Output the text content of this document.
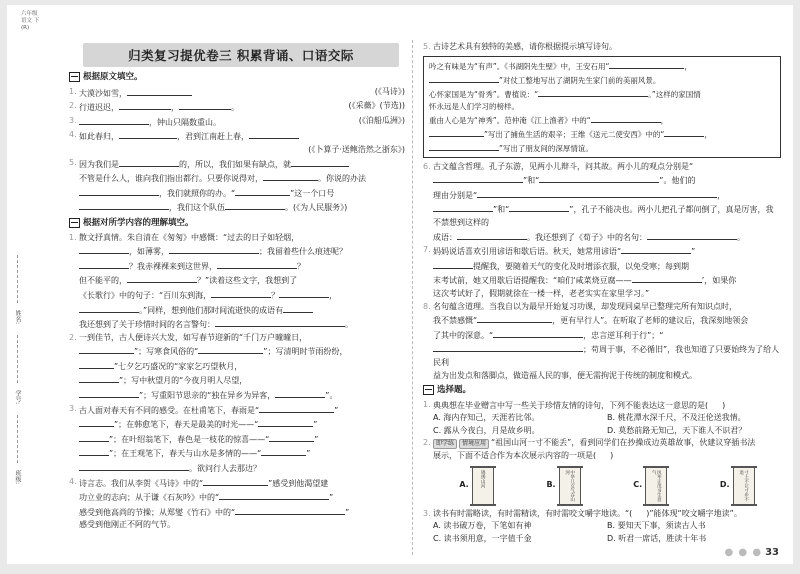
六年级
语文 下
(R)
姓名:
学号:
班级:
归类复习提优卷三 积累背诵、口语交际
根据原文填空。
1. 大漠沙如雪，	(《马诗》)
2. 行道迟迟，	，	。	(《采薇》(节选))
3.	，钟山只隔数重山。	(《泊船瓜洲》)
4. 如此春归，	，君到江南赶上春，
(《卜算子·送鲍浩然之浙东》)
5. 因为我们是	的，所以，我们如果有缺点，就
不管是什么人，谁向我们指出都行。只要你说得对，	。你说的办法
，我们就照你的办。“	”这一个口号
，我们这个队伍	。(《为人民服务》)
根据对所学内容的理解填空。
1. 散文抒真情。朱自清在《匆匆》中感慨：“过去的日子如轻烟，
，如薄雾，	；我留着些什么痕迹呢？
？我赤裸裸来到这世界，	？
但不能平的，	？”读着这些文字，我想到了
《长歌行》中的句子：“百川东到海，	？	，
。”同样，想到他们那时间流逝快的成语有
我还想到了关于珍惜时间的名言警句：	。
2. 一到佳节，古人便诗兴大发，如写春节迎新的“千门万户曈曈日，
”；写寒食风俗的“	”；写清明时节雨纷纷，
”七夕乞巧盛况的“家家乞巧望秋月，
”；写中秋望月的“今夜月明人尽望，
”；写重阳节思亲的“独在异乡为异客，	”。
3. 古人面对春天有不同的感受。在杜甫笔下，春雨是“	”
”；在韩愈笔下，春天是最美的时光——“	”
”；在叶绍翁笔下，春色是一枝花的惊喜——“	”
”；在王观笔下，春天与山水是多情的——“	”
。欲问行人去那边？
4. 诗言志。我们从李贺《马诗》中的“	”感受到他渴望建
功立业的志向；从于谦《石灰吟》中的“	”
感受到他高尚的节操；从郑燮《竹石》中的“	”
感受到他刚正不阿的气节。
5. 古诗艺术具有独特的美感，请你根据提示填写诗句。
吟之有味是为“有声”。《书湖阴先生壁》中，王安石用“	，
”对仗工整地写出了湖阴先生家门前的美丽风景。
心怀家国是为“骨秀”。曹植说：“	。”这样的家国情
怀永远是人们学习的榜样。
重由人心是为“神秀”。范仲淹《江上渔者》中的“	，
”写出了捕鱼生活的艰辛；王维《送元二使安西》中的“	，
”写出了朋友间的深厚情谊。
6. 古文蕴含哲理。孔子东游，见两小儿辩斗，问其故。两小儿的观点分别是“
”和“	”。他们的
理由分别是“	，
”和“	”，孔子不能决也。两小儿把孔子都问倒了，真是厉害，我不禁想到这样的
成语：	。我还想到了《荀子》中的名句：	。
7. 妈妈说话喜欢引用谚语和歇后语。秋天，她常用谚语“	”
提醒我，要随着天气的变化及时增添衣服，以免受寒；每到期
末考试前，她又用歇后语提醒我：“咱们‘咸菜烧豆腐——	’，如果你
这次考试好了，假期就徐在一楼一样，老老实实在家里学习。”
8. 名句蕴含道理。当我自以为最早开始复习功课，却发现同桌早已整理完所有知识点时，
我不禁感慨“	，更有早行人”。在听取了老师的建议后，我深刻地领会
了其中的深意。“	，忠言逆耳利于行”；“
；苟周于事，不必循旧”，我也知道了只要始终为了给人民利
益为出发点和落脚点，做造福人民的事，便无需拘泥于传统的制度和模式。
选择题。
1. 典典想在毕业赠言中写一些关于珍惜友情的诗句，下列不能表达这一意思的是( )
A. 海内存知己，天涯若比邻。	B. 桃花潭水深千尺，不及汪伦送我情。
C. 露从今夜白，月是故乡明。	D. 莫愁前路无知己，天下谁人不识君？
2. 即学练 情境应用 “祖国山河一寸不能丢”，看到同学们在抄操成边英雄故事，伙建议穿插书法
展示，下面不适合作为本次展示内容的一项是( )
A.	锦绣山河	B.	中华儿女气吞山河
C.	风华正茂书生意气
D.	寸土不让寸步不退
3. 读书有时需略读，有时需精读，有时需咬文嚼字地读。“( )”能体现“咬文嚼字地读”。
A. 读书破万卷，下笔如有神	B. 要知天下事，须读古人书
C. 读书须用意，一字值千金	D. 听君一席话，胜读十年书
● ● ● 33
